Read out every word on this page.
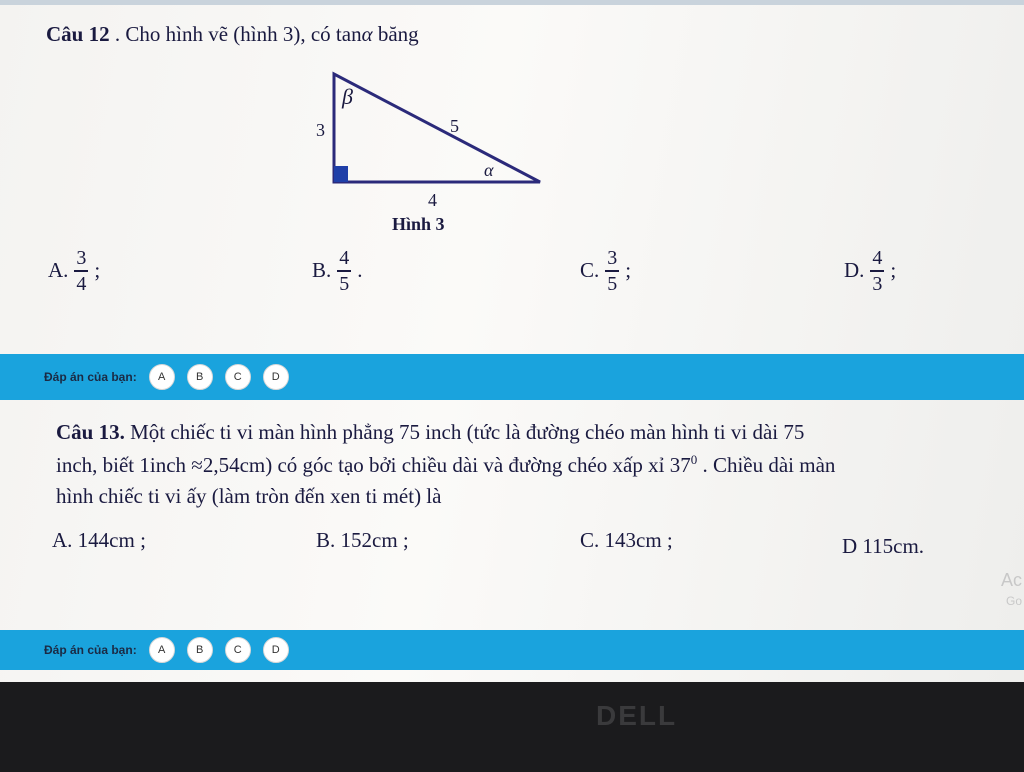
Câu 12 . Cho hình vẽ (hình 3), có tanα băng
β
3	5
α
4
Hình 3
A. $\frac{3}{4}$ ;	B. $\frac{4}{5}$ .	C. $\frac{3}{5}$ ;	D. $\frac{4}{3}$ ;
Đáp án của bạn:	A	B	C	D
Câu 13. Một chiếc ti vi màn hình phẳng 75 inch (tức là đường chéo màn hình ti vi dài 75
inch, biết 1inch ≈2,54cm) có góc tạo bởi chiều dài và đường chéo xấp xỉ $37^0$ . Chiều dài màn
hình chiếc ti vi ấy (làm tròn đến xen ti mét) là
A. 144cm ;	B. 152cm ;	C. 143cm ;	D 115cm.
Ac
Go
Đáp án của bạn:	A	B	C	D
DELL
